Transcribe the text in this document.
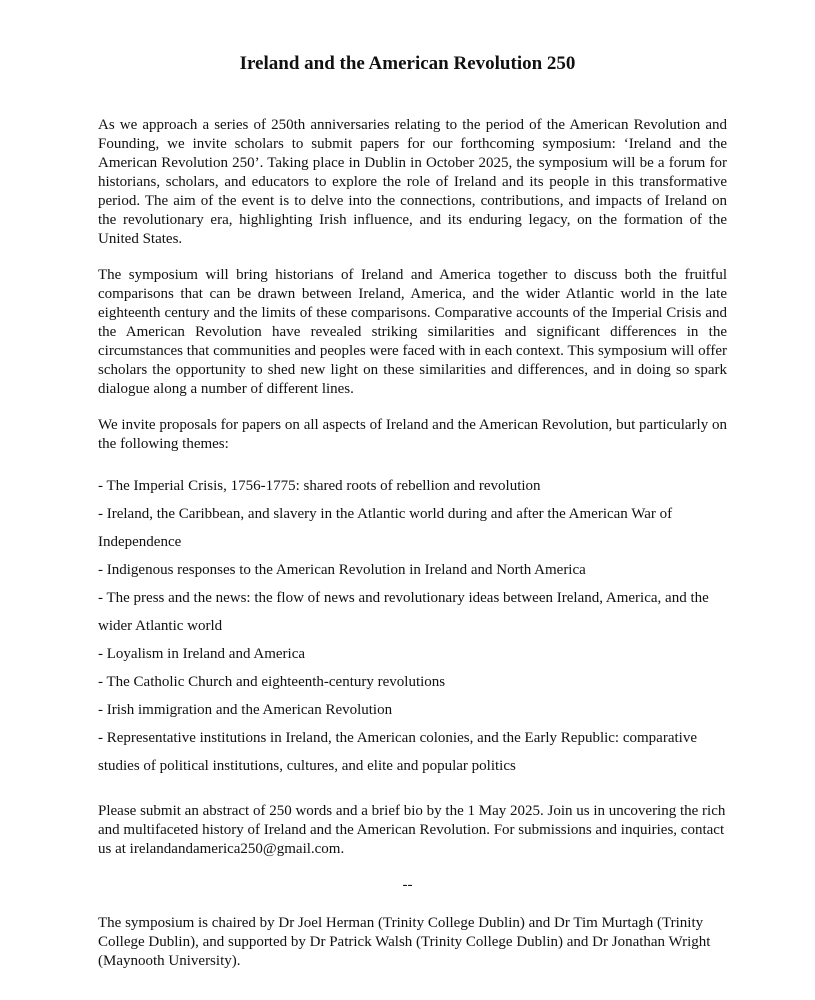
Ireland and the American Revolution 250

As we approach a series of 250th anniversaries relating to the period of the American Revolution and Founding, we invite scholars to submit papers for our forthcoming symposium: ‘Ireland and the American Revolution 250’. Taking place in Dublin in October 2025, the symposium will be a forum for historians, scholars, and educators to explore the role of Ireland and its people in this transformative period. The aim of the event is to delve into the connections, contributions, and impacts of Ireland on the revolutionary era, highlighting Irish influence, and its enduring legacy, on the formation of the United States.

The symposium will bring historians of Ireland and America together to discuss both the fruitful comparisons that can be drawn between Ireland, America, and the wider Atlantic world in the late eighteenth century and the limits of these comparisons. Comparative accounts of the Imperial Crisis and the American Revolution have revealed striking similarities and significant differences in the circumstances that communities and peoples were faced with in each context. This symposium will offer scholars the opportunity to shed new light on these similarities and differences, and in doing so spark dialogue along a number of different lines.

We invite proposals for papers on all aspects of Ireland and the American Revolution, but particularly on the following themes:

- The Imperial Crisis, 1756-1775: shared roots of rebellion and revolution
- Ireland, the Caribbean, and slavery in the Atlantic world during and after the American War of Independence
- Indigenous responses to the American Revolution in Ireland and North America
- The press and the news: the flow of news and revolutionary ideas between Ireland, America, and the wider Atlantic world
- Loyalism in Ireland and America
- The Catholic Church and eighteenth-century revolutions
- Irish immigration and the American Revolution
- Representative institutions in Ireland, the American colonies, and the Early Republic: comparative studies of political institutions, cultures, and elite and popular politics

Please submit an abstract of 250 words and a brief bio by the 1 May 2025. Join us in uncovering the rich and multifaceted history of Ireland and the American Revolution. For submissions and inquiries, contact us at irelandandamerica250@gmail.com.

--

The symposium is chaired by Dr Joel Herman (Trinity College Dublin) and Dr Tim Murtagh (Trinity College Dublin), and supported by Dr Patrick Walsh (Trinity College Dublin) and Dr Jonathan Wright (Maynooth University).
